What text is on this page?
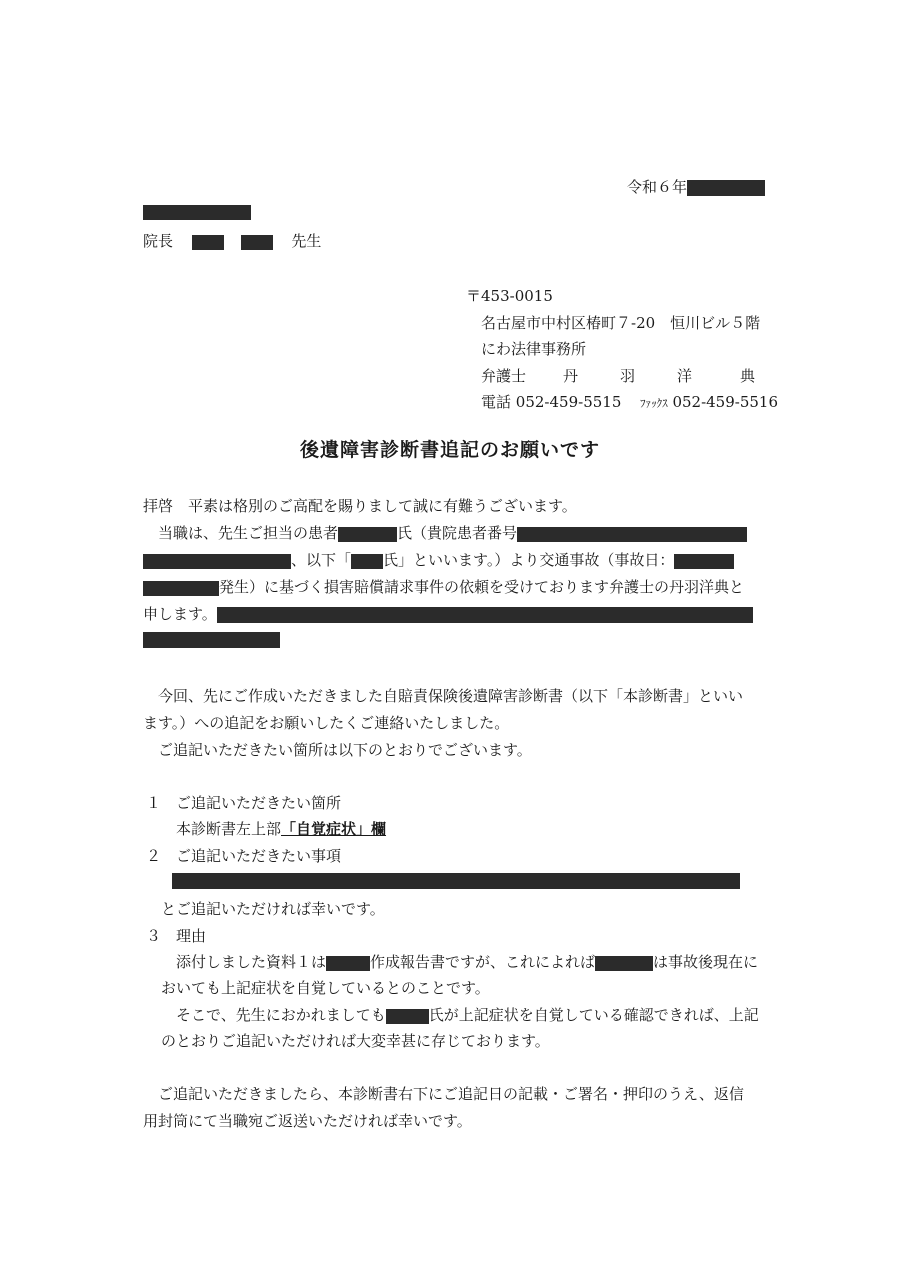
令和６年
院長	先生
〒453-0015
名古屋市中村区椿町７-20　恒川ビル５階
にわ法律事務所
弁護士 丹	羽	洋	典
電話 052-459-5515 ﾌｧｯｸｽ 052-459-5516
後遺障害診断書追記のお願いです
拝啓　平素は格別のご高配を賜りまして誠に有難うございます。
当職は、先生ご担当の患者	氏（貴院患者番号
、以下「 氏」といいます。）より交通事故（事故日：
発生）に基づく損害賠償請求事件の依頼を受けております弁護士の丹羽洋典と
申します。
今回、先にご作成いただきました自賠責保険後遺障害診断書（以下「本診断書」といい
ます。）への追記をお願いしたくご連絡いたしました。
ご追記いただきたい箇所は以下のとおりでございます。
１ ご追記いただきたい箇所
本診断書左上部「自覚症状」欄
２ ご追記いただきたい事項
とご追記いただければ幸いです。
３ 理由
添付しました資料１は	作成報告書ですが、これによれば	は事故後現在に
おいても上記症状を自覚しているとのことです。
そこで、先生におかれましても	氏が上記症状を自覚している確認できれば、上記
のとおりご追記いただければ大変幸甚に存じております。
ご追記いただきましたら、本診断書右下にご追記日の記載・ご署名・押印のうえ、返信
用封筒にて当職宛ご返送いただければ幸いです。
